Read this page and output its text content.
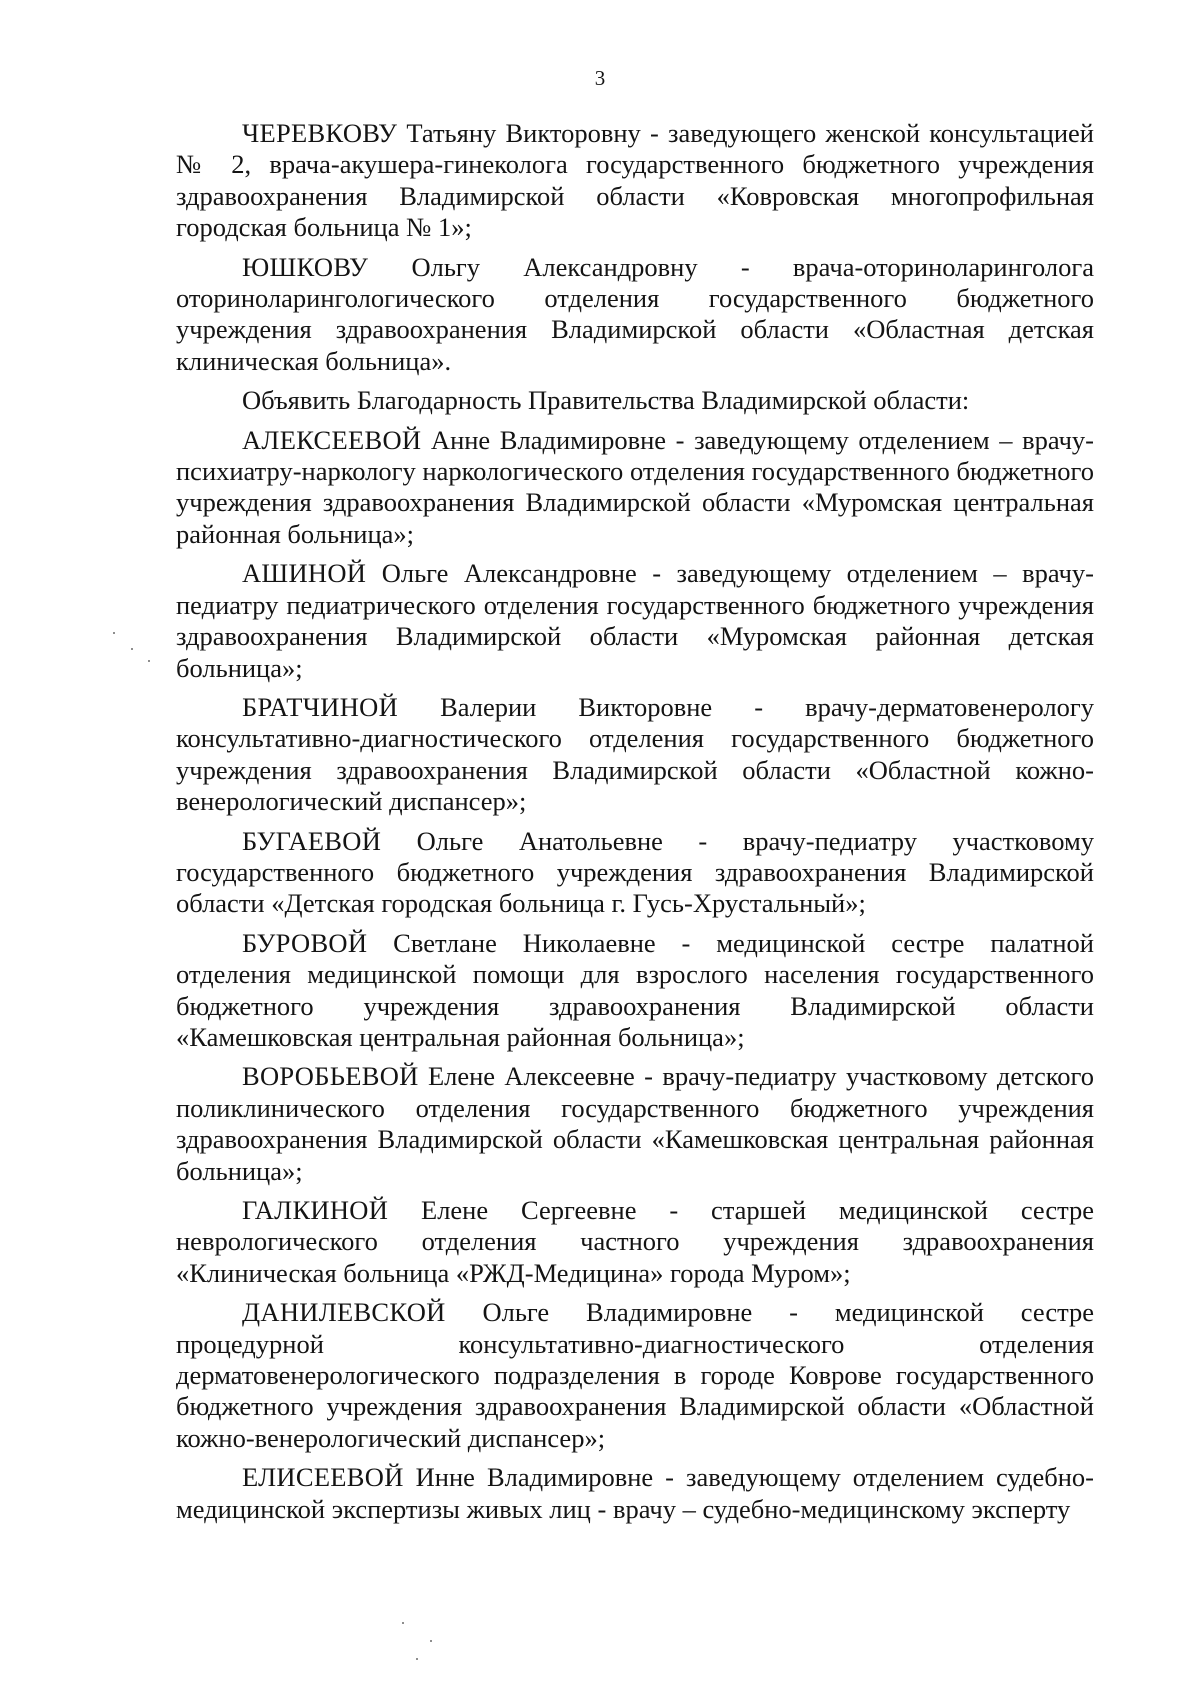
3

ЧЕРЕВКОВУ Татьяну Викторовну - заведующего женской консультацией № 2, врача-акушера-гинеколога государственного бюджетного учреждения здравоохранения Владимирской области «Ковровская многопрофильная городская больница № 1»;

ЮШКОВУ Ольгу Александровну - врача-оториноларинголога оториноларингологического отделения государственного бюджетного учреждения здравоохранения Владимирской области «Областная детская клиническая больница».

Объявить Благодарность Правительства Владимирской области:

АЛЕКСЕЕВОЙ Анне Владимировне - заведующему отделением – врачу-психиатру-наркологу наркологического отделения государственного бюджетного учреждения здравоохранения Владимирской области «Муромская центральная районная больница»;

АШИНОЙ Ольге Александровне - заведующему отделением – врачу-педиатру педиатрического отделения государственного бюджетного учреждения здравоохранения Владимирской области «Муромская районная детская больница»;

БРАТЧИНОЙ Валерии Викторовне - врачу-дерматовенерологу консультативно-диагностического отделения государственного бюджетного учреждения здравоохранения Владимирской области «Областной кожно-венерологический диспансер»;

БУГАЕВОЙ Ольге Анатольевне - врачу-педиатру участковому государственного бюджетного учреждения здравоохранения Владимирской области «Детская городская больница г. Гусь-Хрустальный»;

БУРОВОЙ Светлане Николаевне - медицинской сестре палатной отделения медицинской помощи для взрослого населения государственного бюджетного учреждения здравоохранения Владимирской области «Камешковская центральная районная больница»;

ВОРОБЬЕВОЙ Елене Алексеевне - врачу-педиатру участковому детского поликлинического отделения государственного бюджетного учреждения здравоохранения Владимирской области «Камешковская центральная районная больница»;

ГАЛКИНОЙ Елене Сергеевне - старшей медицинской сестре неврологического отделения частного учреждения здравоохранения «Клиническая больница «РЖД-Медицина» города Муром»;

ДАНИЛЕВСКОЙ Ольге Владимировне - медицинской сестре процедурной консультативно-диагностического отделения дерматовенерологического подразделения в городе Коврове государственного бюджетного учреждения здравоохранения Владимирской области «Областной кожно-венерологический диспансер»;

ЕЛИСЕЕВОЙ Инне Владимировне - заведующему отделением судебно-медицинской экспертизы живых лиц - врачу – судебно-медицинскому эксперту
